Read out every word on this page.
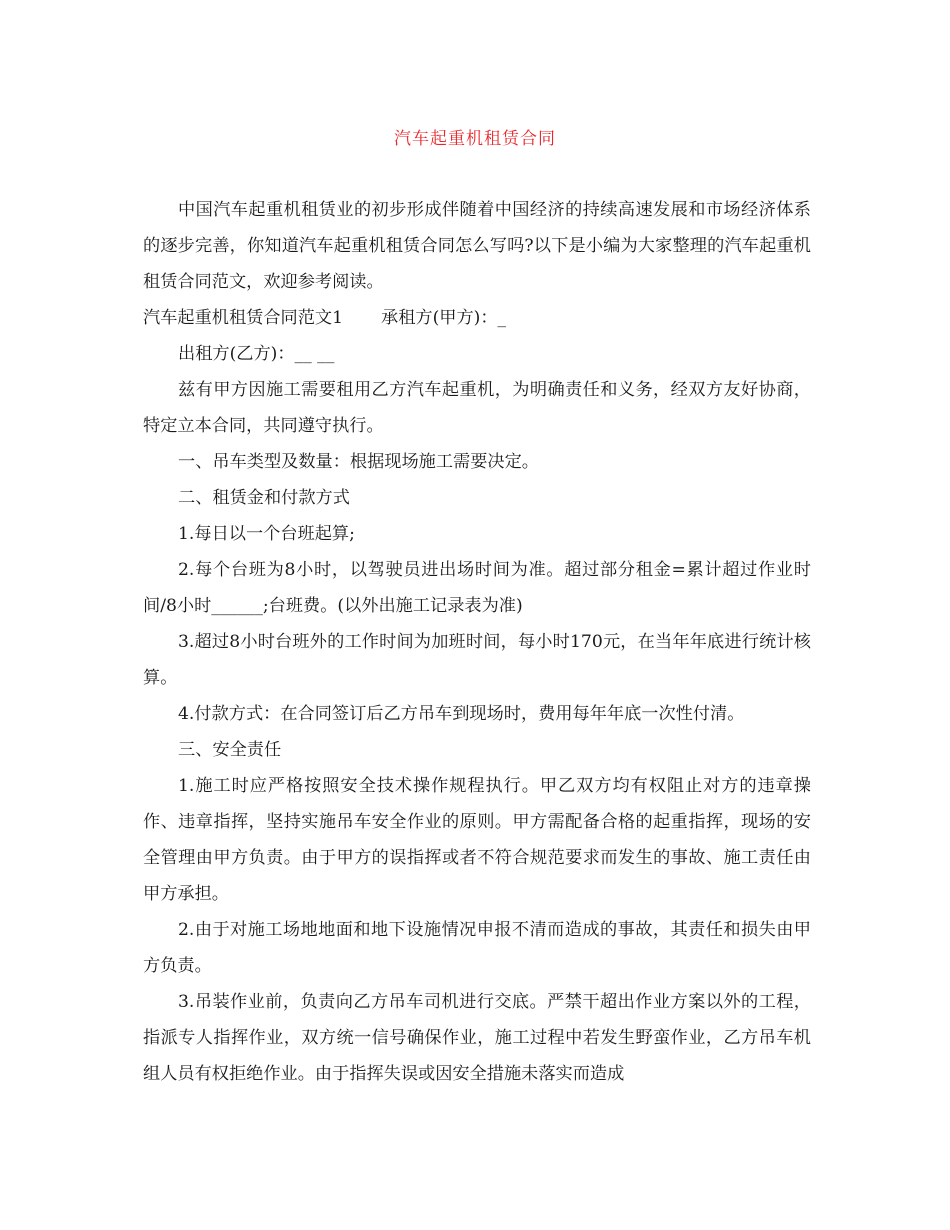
汽车起重机租赁合同

中国汽车起重机租赁业的初步形成伴随着中国经济的持续高速发展和市场经济体系的逐步完善，你知道汽车起重机租赁合同怎么写吗?以下是小编为大家整理的汽车起重机租赁合同范文，欢迎参考阅读。

汽车起重机租赁合同范文1 承租方(甲方)：_

出租方(乙方)：__ __

兹有甲方因施工需要租用乙方汽车起重机，为明确责任和义务，经双方友好协商，特定立本合同，共同遵守执行。

一、吊车类型及数量：根据现场施工需要决定。

二、租赁金和付款方式

1.每日以一个台班起算;

2.每个台班为8小时，以驾驶员进出场时间为准。超过部分租金=累计超过作业时间/8小时______;台班费。(以外出施工记录表为准)

3.超过8小时台班外的工作时间为加班时间，每小时170元，在当年年底进行统计核算。

4.付款方式：在合同签订后乙方吊车到现场时，费用每年年底一次性付清。

三、安全责任

1.施工时应严格按照安全技术操作规程执行。甲乙双方均有权阻止对方的违章操作、违章指挥，坚持实施吊车安全作业的原则。甲方需配备合格的起重指挥，现场的安全管理由甲方负责。由于甲方的误指挥或者不符合规范要求而发生的事故、施工责任由甲方承担。

2.由于对施工场地地面和地下设施情况申报不清而造成的事故，其责任和损失由甲方负责。

3.吊装作业前，负责向乙方吊车司机进行交底。严禁干超出作业方案以外的工程，指派专人指挥作业，双方统一信号确保作业，施工过程中若发生野蛮作业，乙方吊车机组人员有权拒绝作业。由于指挥失误或因安全措施未落实而造成
